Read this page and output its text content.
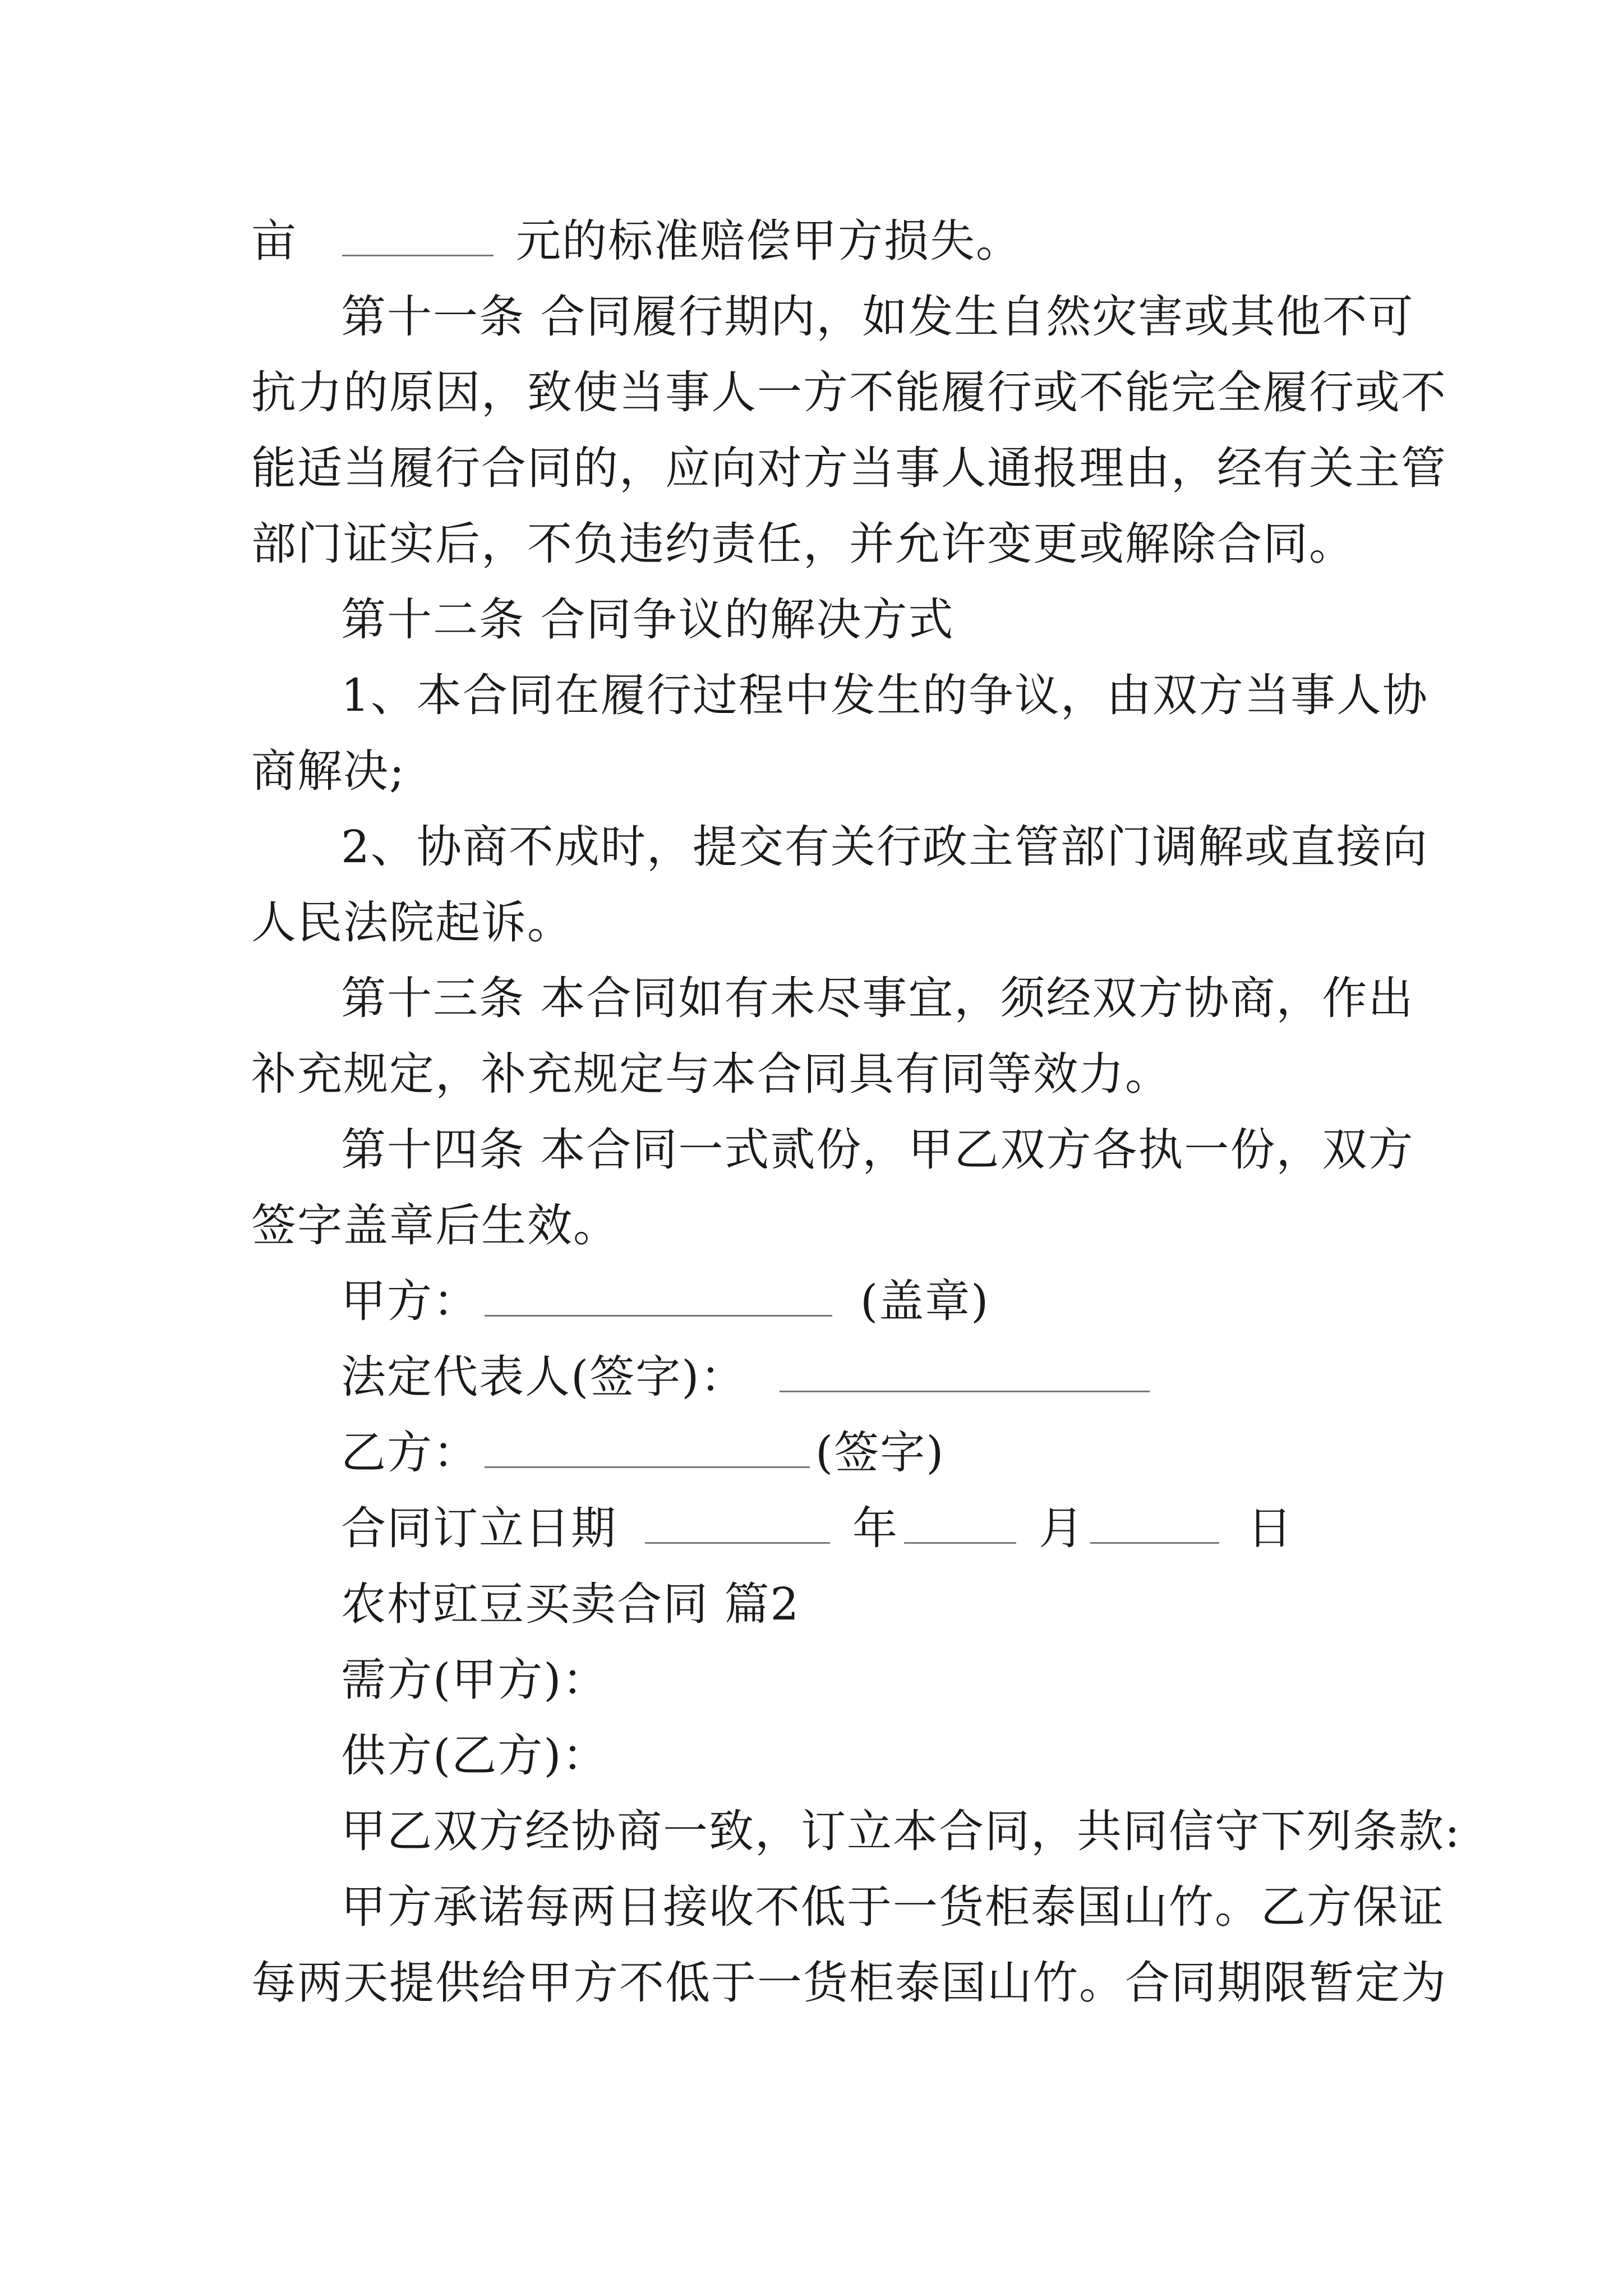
亩	元的标准赔偿甲方损失。
第十一条 合同履行期内，如发生自然灾害或其他不可
抗力的原因，致使当事人一方不能履行或不能完全履行或不
能适当履行合同的，应向对方当事人通报理由，经有关主管
部门证实后，不负违约责任，并允许变更或解除合同。
第十二条 合同争议的解决方式
1、本合同在履行过程中发生的争议，由双方当事人协
商解决;
2、协商不成时，提交有关行政主管部门调解或直接向
人民法院起诉。
第十三条 本合同如有未尽事宜，须经双方协商，作出
补充规定，补充规定与本合同具有同等效力。
第十四条 本合同一式贰份，甲乙双方各执一份，双方
签字盖章后生效。
甲方：	(盖章)
法定代表人(签字)：
乙方：	(签字)
合同订立日期	年	月	日
农村豇豆买卖合同 篇2
需方(甲方)：
供方(乙方)：
甲乙双方经协商一致，订立本合同，共同信守下列条款:
甲方承诺每两日接收不低于一货柜泰国山竹。乙方保证
每两天提供给甲方不低于一货柜泰国山竹。合同期限暂定为
